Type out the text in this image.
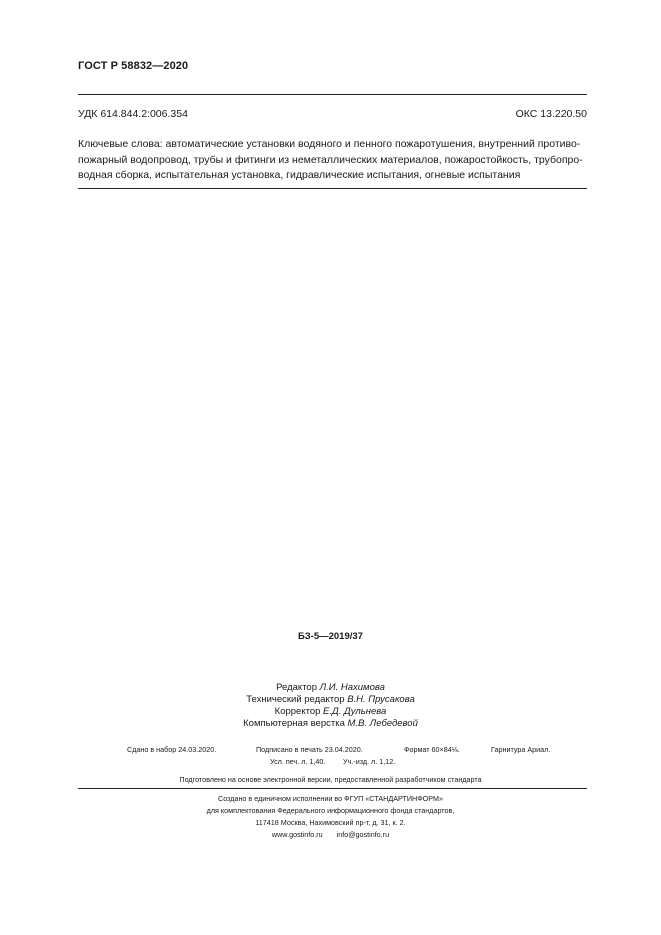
ГОСТ Р 58832—2020
УДК 614.844.2:006.354	ОКС 13.220.50
Ключевые слова: автоматические установки водяного и пенного пожаротушения, внутренний противо-
пожарный водопровод, трубы и фитинги из неметаллических материалов, пожаростойкость, трубопро-
водная сборка, испытательная установка, гидравлические испытания, огневые испытания
БЗ-5—2019/37
Редактор Л.И. Нахимова
Технический редактор В.Н. Прусакова
Корректор Е.Д. Дульнева
Компьютерная верстка М.В. Лебедевой
Сдано в набор 24.03.2020.	Подписано в печать 23.04.2020.	Формат 60×84⅛.	Гарнитура Ариал.
Усл. печ. л. 1,40. Уч.-изд. л. 1,12.
Подготовлено на основе электронной версии, предоставленной разработчиком стандарта
Создано в единичном исполнении во ФГУП «СТАНДАРТИНФОРМ»
для комплектования Федерального информационного фонда стандартов,
117418 Москва, Нахимовский пр-т, д. 31, к. 2.
www.gostinfo.ru info@gostinfo.ru
